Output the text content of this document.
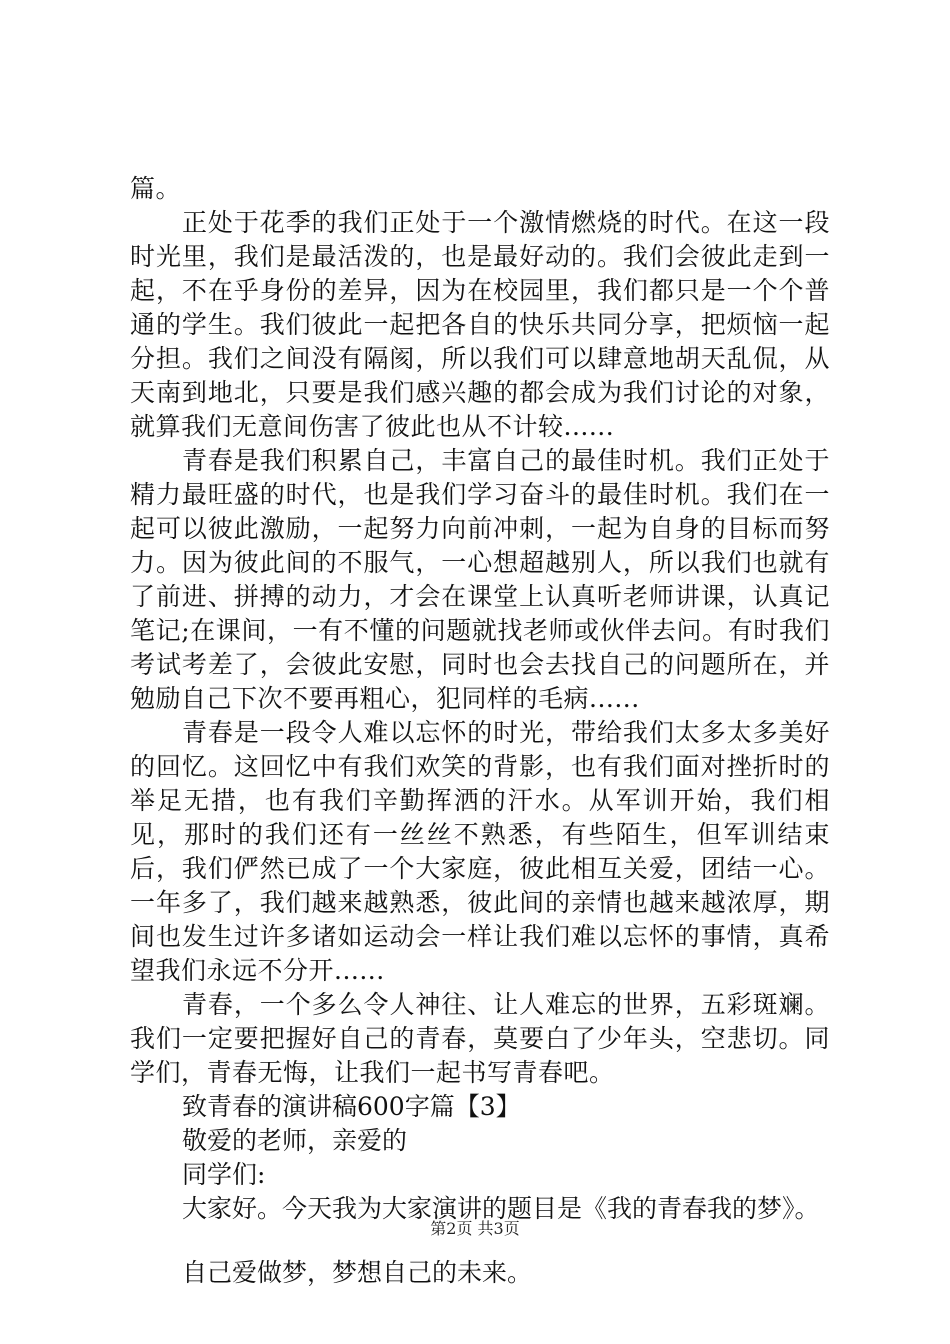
篇。

正处于花季的我们正处于一个激情燃烧的时代。在这一段时光里，我们是最活泼的，也是最好动的。我们会彼此走到一起，不在乎身份的差异，因为在校园里，我们都只是一个个普通的学生。我们彼此一起把各自的快乐共同分享，把烦恼一起分担。我们之间没有隔阂，所以我们可以肆意地胡天乱侃，从天南到地北，只要是我们感兴趣的都会成为我们讨论的对象，就算我们无意间伤害了彼此也从不计较......

青春是我们积累自己，丰富自己的最佳时机。我们正处于精力最旺盛的时代，也是我们学习奋斗的最佳时机。我们在一起可以彼此激励，一起努力向前冲刺，一起为自身的目标而努力。因为彼此间的不服气，一心想超越别人，所以我们也就有了前进、拼搏的动力，才会在课堂上认真听老师讲课，认真记笔记;在课间，一有不懂的问题就找老师或伙伴去问。有时我们考试考差了，会彼此安慰，同时也会去找自己的问题所在，并勉励自己下次不要再粗心，犯同样的毛病......

青春是一段令人难以忘怀的时光，带给我们太多太多美好的回忆。这回忆中有我们欢笑的背影，也有我们面对挫折时的举足无措，也有我们辛勤挥洒的汗水。从军训开始，我们相见，那时的我们还有一丝丝不熟悉，有些陌生，但军训结束后，我们俨然已成了一个大家庭，彼此相互关爱，团结一心。一年多了，我们越来越熟悉，彼此间的亲情也越来越浓厚，期间也发生过许多诸如运动会一样让我们难以忘怀的事情，真希望我们永远不分开......

青春，一个多么令人神往、让人难忘的世界，五彩斑斓。我们一定要把握好自己的青春，莫要白了少年头，空悲切。同学们，青春无悔，让我们一起书写青春吧。

致青春的演讲稿600字篇【3】

敬爱的老师，亲爱的

同学们:

大家好。今天我为大家演讲的题目是《我的青春我的梦》。

自己爱做梦，梦想自己的未来。

第2页 共3页
